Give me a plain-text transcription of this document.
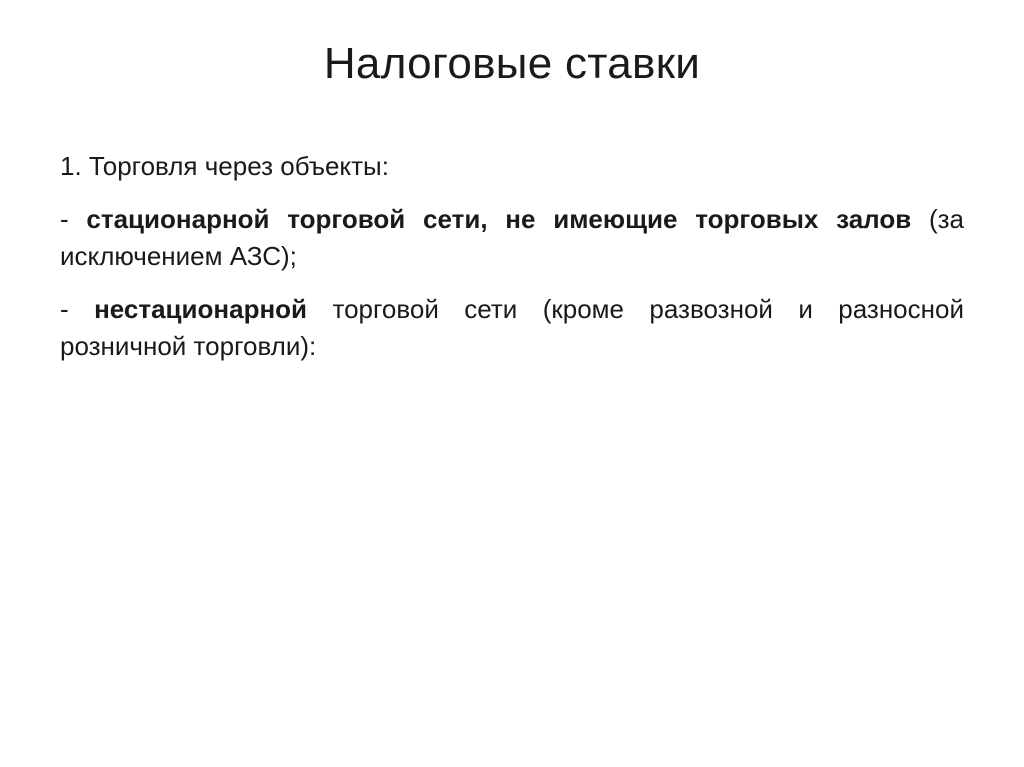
Налоговые ставки

1. Торговля через объекты:

- стационарной торговой сети, не имеющие торговых залов (за исключением АЗС);

- нестационарной торговой сети (кроме развозной и разносной розничной торговли):
